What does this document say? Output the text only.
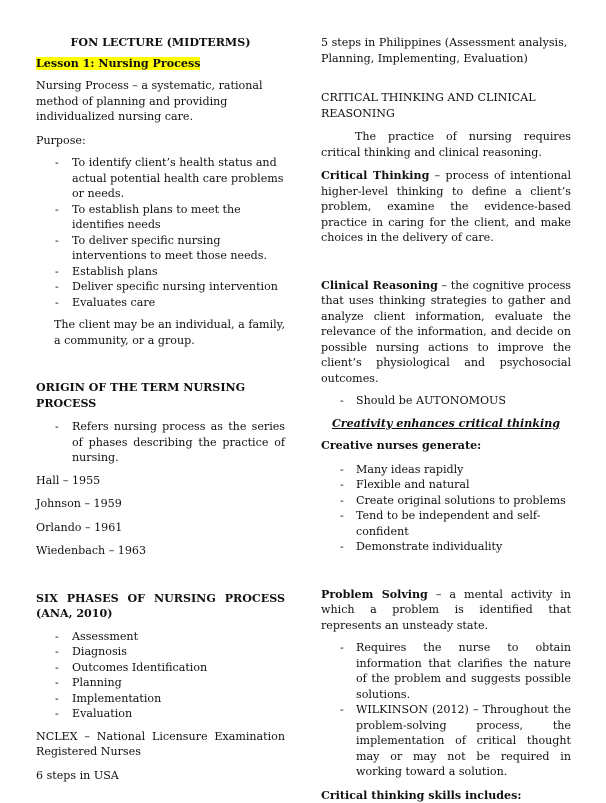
FON LECTURE (MIDTERMS)

Lesson 1: Nursing Process

Nursing Process – a systematic, rational method of planning and providing individualized nursing care.

Purpose:

- To identify client’s health status and actual potential health care problems or needs.
- To establish plans to meet the identifies needs
- To deliver specific nursing interventions to meet those needs.
- Establish plans
- Deliver specific nursing intervention
- Evaluates care

The client may be an individual, a family, a community, or a group.

ORIGIN OF THE TERM NURSING PROCESS

- Refers nursing process as the series of phases describing the practice of nursing.

Hall – 1955

Johnson – 1959

Orlando – 1961

Wiedenbach – 1963

SIX PHASES OF NURSING PROCESS (ANA, 2010)

- Assessment
- Diagnosis
- Outcomes Identification
- Planning
- Implementation
- Evaluation

NCLEX – National Licensure Examination Registered Nurses

6 steps in USA

5 steps in Philippines (Assessment analysis, Planning, Implementing, Evaluation)

CRITICAL THINKING AND CLINICAL REASONING

The practice of nursing requires critical thinking and clinical reasoning.

Critical Thinking – process of intentional higher-level thinking to define a client’s problem, examine the evidence-based practice in caring for the client, and make choices in the delivery of care.

Clinical Reasoning – the cognitive process that uses thinking strategies to gather and analyze client information, evaluate the relevance of the information, and decide on possible nursing actions to improve the client’s physiological and psychosocial outcomes.

- Should be AUTONOMOUS

Creativity enhances critical thinking

Creative nurses generate:

- Many ideas rapidly
- Flexible and natural
- Create original solutions to problems
- Tend to be independent and self-confident
- Demonstrate individuality

Problem Solving – a mental activity in which a problem is identified that represents an unsteady state.

- Requires the nurse to obtain information that clarifies the nature of the problem and suggests possible solutions.
- WILKINSON (2012) – Throughout the problem-solving process, the implementation of critical thought may or may not be required in working toward a solution.

Critical thinking skills includes:
